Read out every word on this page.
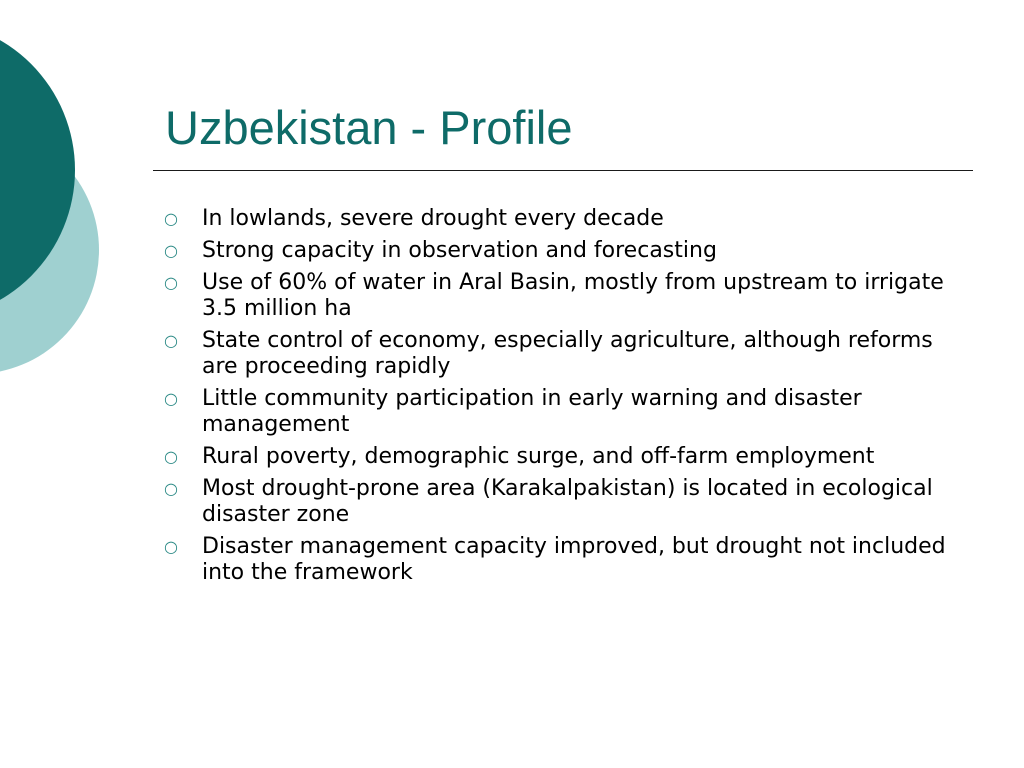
Uzbekistan - Profile
○	In lowlands, severe drought every decade
○	Strong capacity in observation and forecasting
○	Use of 60% of water in Aral Basin, mostly from upstream to irrigate 3.5 million ha
○	State control of economy, especially agriculture, although reforms are proceeding rapidly
○	Little community participation in early warning and disaster management
○	Rural poverty, demographic surge, and off-farm employment
○	Most drought-prone area (Karakalpakistan) is located in ecological disaster zone
○	Disaster management capacity improved, but drought not included into the framework
